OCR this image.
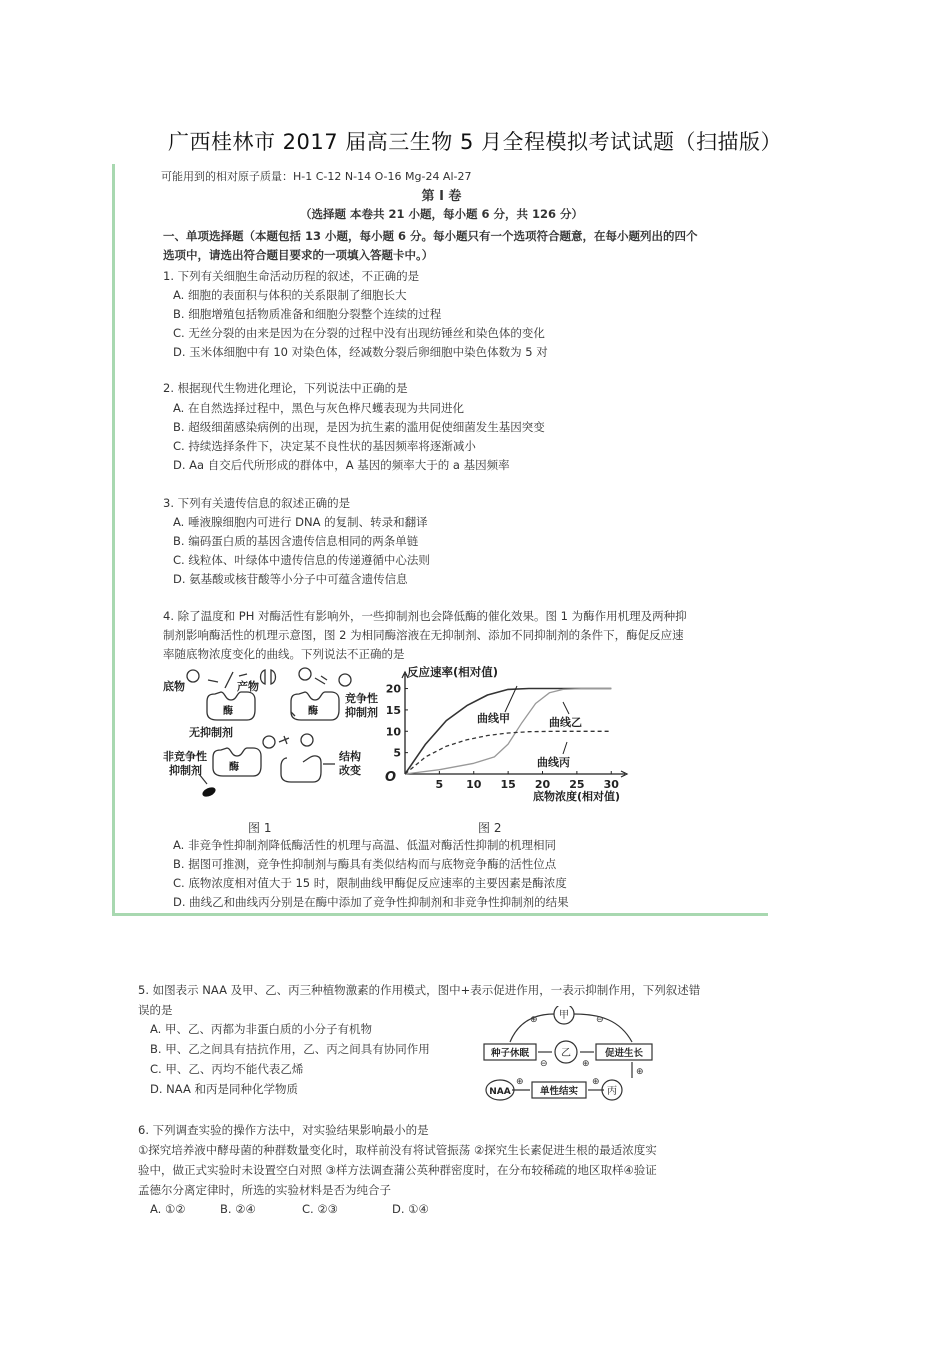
广西桂林市 2017 届高三生物 5 月全程模拟考试试题（扫描版）
可能用到的相对原子质量：H-1 C-12 N-14 O-16 Mg-24 Al-27
第 I 卷
（选择题 本卷共 21 小题，每小题 6 分，共 126 分）
一、单项选择题（本题包括 13 小题，每小题 6 分。每小题只有一个选项符合题意，在每小题列出的四个
选项中，请选出符合题目要求的一项填入答题卡中。）
1. 下列有关细胞生命活动历程的叙述，不正确的是
A. 细胞的表面积与体积的关系限制了细胞长大
B. 细胞增殖包括物质准备和细胞分裂整个连续的过程
C. 无丝分裂的由来是因为在分裂的过程中没有出现纺锤丝和染色体的变化
D. 玉米体细胞中有 10 对染色体，经减数分裂后卵细胞中染色体数为 5 对
2. 根据现代生物进化理论，下列说法中正确的是
A. 在自然选择过程中，黑色与灰色桦尺蠖表现为共同进化
B. 超级细菌感染病例的出现，是因为抗生素的滥用促使细菌发生基因突变
C. 持续选择条件下，决定某不良性状的基因频率将逐渐减小
D. Aa 自交后代所形成的群体中，A 基因的频率大于的 a 基因频率
3. 下列有关遗传信息的叙述正确的是
A. 唾液腺细胞内可进行 DNA 的复制、转录和翻译
B. 编码蛋白质的基因含遗传信息相同的两条单链
C. 线粒体、叶绿体中遗传信息的传递遵循中心法则
D. 氨基酸或核苷酸等小分子中可蕴含遗传信息
4. 除了温度和 PH 对酶活性有影响外，一些抑制剂也会降低酶的催化效果。图 1 为酶作用机理及两种抑
制剂影响酶活性的机理示意图，图 2 为相同酶溶液在无抑制剂、添加不同抑制剂的条件下，酶促反应速
率随底物浓度变化的曲线。下列说法不正确的是
底物	产物
酶
无抑制剂
酶
竞争性
抑制剂
非竞争性
抑制剂	酶
结构
改变
图 1
反应速率(相对值)
底物浓度(相对值)
O	5 10 15 20 25 30
5
10
15
20
曲线甲	曲线乙
曲线丙
图 2
A. 非竞争性抑制剂降低酶活性的机理与高温、低温对酶活性抑制的机理相同
B. 据图可推测，竞争性抑制剂与酶具有类似结构而与底物竞争酶的活性位点
C. 底物浓度相对值大于 15 时，限制曲线甲酶促反应速率的主要因素是酶浓度
D. 曲线乙和曲线丙分别是在酶中添加了竞争性抑制剂和非竞争性抑制剂的结果
5. 如图表示 NAA 及甲、乙、丙三种植物激素的作用模式，图中+表示促进作用，一表示抑制作用，下列叙述错
误的是
A. 甲、乙、丙都为非蛋白质的小分子有机物
B. 甲、乙之间具有拮抗作用，乙、丙之间具有协同作用
C. 甲、乙、丙均不能代表乙烯
D. NAA 和丙是同种化学物质
甲
乙
丙
种子休眠	促进生长
NAA	单性结实
⊕	⊖
⊖	⊕
⊕
⊕	⊕
6. 下列调查实验的操作方法中，对实验结果影响最小的是
①探究培养液中酵母菌的种群数量变化时，取样前没有将试管振荡 ②探究生长素促进生根的最适浓度实
验中，做正式实验时未设置空白对照 ③样方法调查蒲公英种群密度时，在分布较稀疏的地区取样④验证
孟德尔分离定律时，所选的实验材料是否为纯合子
A. ①②	B. ②④	C. ②③	D. ①④
